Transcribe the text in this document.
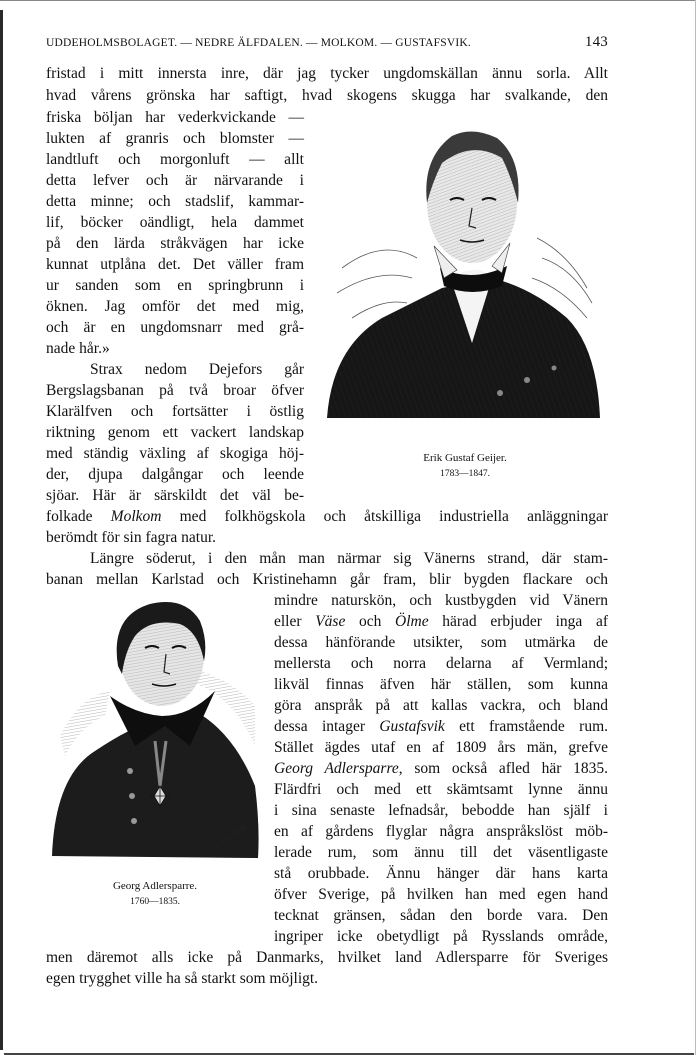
UDDEHOLMSBOLAGET. — NEDRE ÄLFDALEN. — MOLKOM. — GUSTAFSVIK.	143
fristad i mitt innersta inre, där jag tycker ungdomskällan ännu sorla. Allt
hvad vårens grönska har saftigt, hvad skogens skugga har svalkande, den
friska böljan har vederkvickande —
lukten af granris och blomster —
landtluft och morgonluft — allt
detta lefver och är närvarande i
detta minne; och stadslif, kammar-
lif, böcker oändligt, hela dammet
på den lärda stråkvägen har icke
kunnat utplåna det. Det väller fram
ur sanden som en springbrunn i
öknen. Jag omför det med mig,
och är en ungdomsnarr med grå-
nade hår.»
Strax nedom Dejefors går
Bergslagsbanan på två broar öfver
Klarälfven och fortsätter i östlig
riktning genom ett vackert landskap
med ständig växling af skogiga höj-
der, djupa dalgångar och leende
sjöar. Här är särskildt det väl be-
Erik Gustaf Geijer.
1783—1847.
folkade Molkom med folkhögskola och åtskilliga industriella anläggningar
berömdt för sin fagra natur.
Längre söderut, i den mån man närmar sig Vänerns strand, där stam-
banan mellan Karlstad och Kristinehamn går fram, blir bygden flackare och
mindre naturskön, och kustbygden vid Vänern
eller Väse och Ölme härad erbjuder inga af
dessa hänförande utsikter, som utmärka de
mellersta och norra delarna af Vermland;
likväl finnas äfven här ställen, som kunna
göra anspråk på att kallas vackra, och bland
dessa intager Gustafsvik ett framstående rum.
Stället ägdes utaf en af 1809 års män, grefve
Georg Adlersparre, som också afled här 1835.
Flärdfri och med ett skämtsamt lynne ännu
i sina senaste lefnadsår, bebodde han själf i
en af gårdens flyglar några anspråkslöst möb-
lerade rum, som ännu till det väsentligaste
stå orubbade. Ännu hänger där hans karta
öfver Sverige, på hvilken han med egen hand
tecknat gränsen, sådan den borde vara. Den
ingriper icke obetydligt på Rysslands område,
J. ENGBERG
Georg Adlersparre.
1760—1835.
men däremot alls icke på Danmarks, hvilket land Adlersparre för Sveriges
egen trygghet ville ha så starkt som möjligt.
